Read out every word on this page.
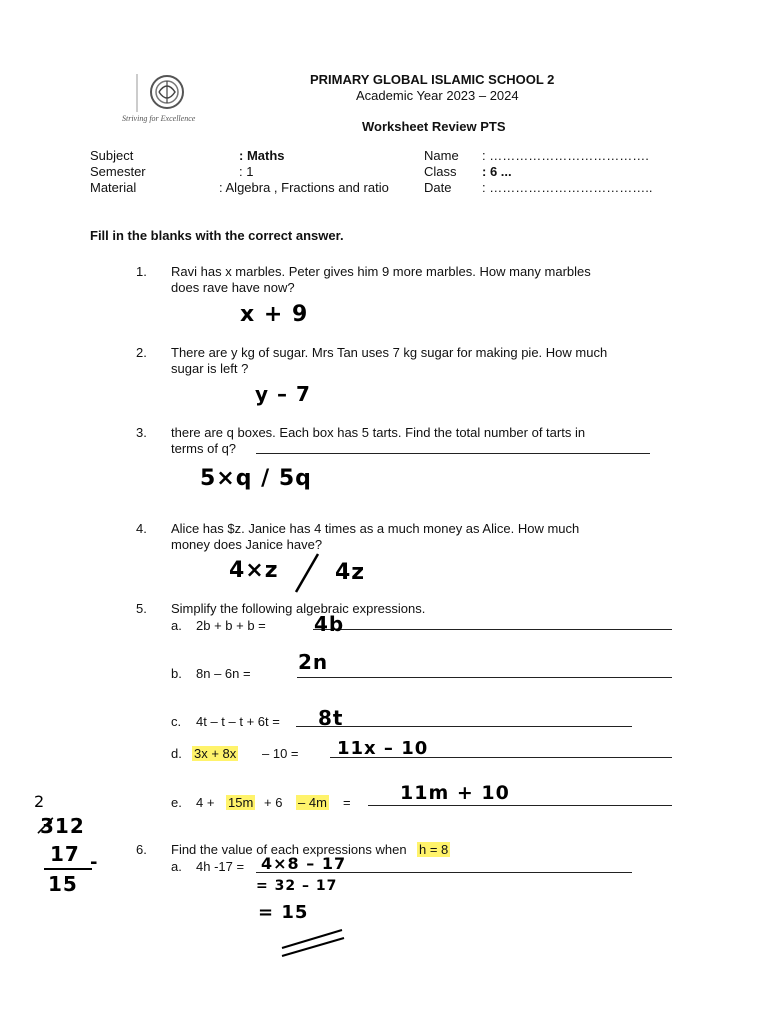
Striving for Excellence
PRIMARY GLOBAL ISLAMIC SCHOOL 2
Academic Year 2023 – 2024
Worksheet Review PTS
Subject	: Maths
Semester	: 1
Material	: Algebra , Fractions and ratio
Name : ……………………………….
Class : 6 ...
Date : ………………………………..
Fill in the blanks with the correct answer.
1. Ravi has x marbles. Peter gives him 9 more marbles. How many marbles
does rave have now?
x + 9
2. There are y kg of sugar. Mrs Tan uses 7 kg sugar for making pie. How much
sugar is left ?
y – 7
3. there are q boxes. Each box has 5 tarts. Find the total number of tarts in
terms of q?
5×q / 5q
4. Alice has $z. Janice has 4 times as a much money as Alice. How much
money does Janice have?
4×z	4z
5. Simplify the following algebraic expressions.
a. 2b + b + b = 4b
b. 8n – 6n = 2n
c. 4t – t – t + 6t = 8t
d. 3x + 8x – 10 = 11x – 10
e. 4 + 15m + 6 – 4m =	11m + 10
6. Find the value of each expressions when h = 8
a. 4h -17 = 4×8 – 17
= 32 – 17
= 15
2
3̸12
17
15
-
